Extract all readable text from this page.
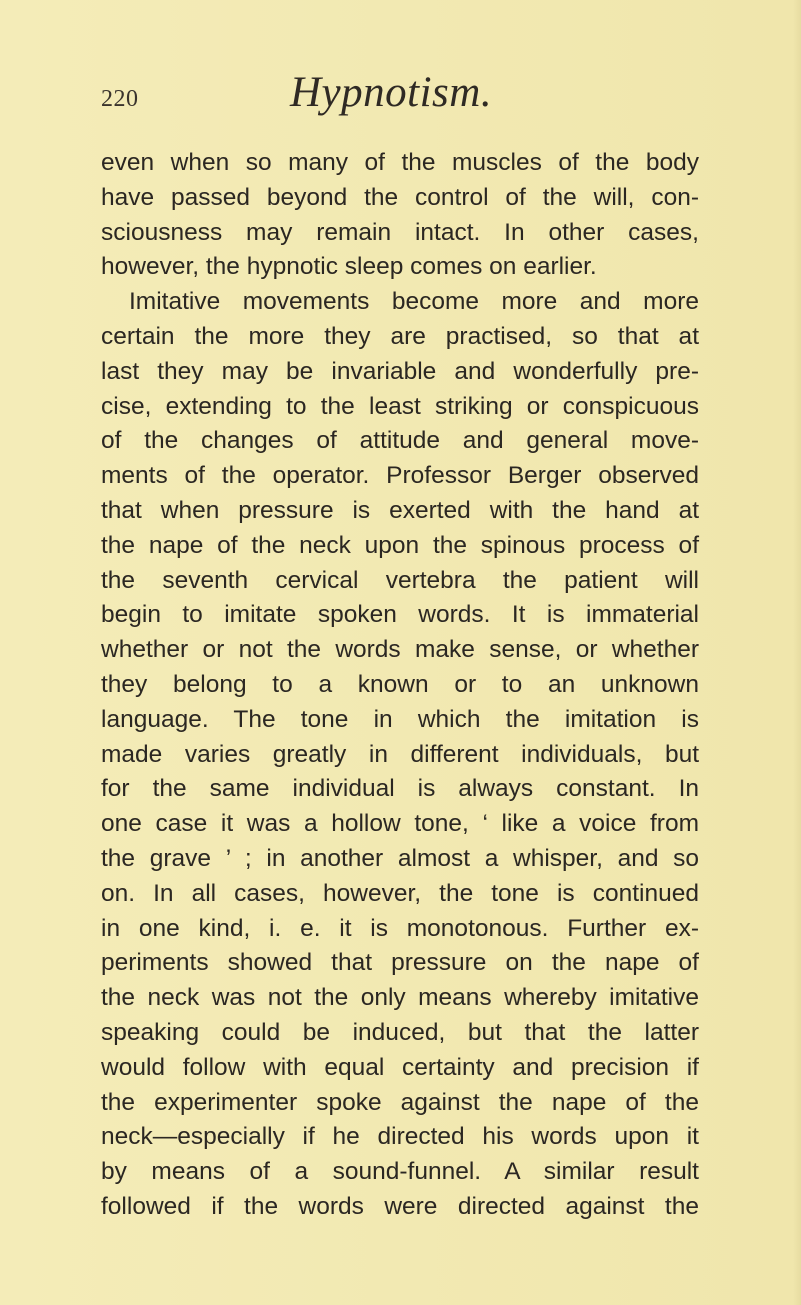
220	Hypnotism.
even when so many of the muscles of the body
have passed beyond the control of the will, con-
sciousness may remain intact. In other cases,
however, the hypnotic sleep comes on earlier.
Imitative movements become more and more
certain the more they are practised, so that at
last they may be invariable and wonderfully pre-
cise, extending to the least striking or conspicuous
of the changes of attitude and general move-
ments of the operator. Professor Berger observed
that when pressure is exerted with the hand at
the nape of the neck upon the spinous process of
the seventh cervical vertebra the patient will
begin to imitate spoken words. It is immaterial
whether or not the words make sense, or whether
they belong to a known or to an unknown
language. The tone in which the imitation is
made varies greatly in different individuals, but
for the same individual is always constant. In
one case it was a hollow tone, ‘ like a voice from
the grave ’ ; in another almost a whisper, and so
on. In all cases, however, the tone is continued
in one kind, i. e. it is monotonous. Further ex-
periments showed that pressure on the nape of
the neck was not the only means whereby imitative
speaking could be induced, but that the latter
would follow with equal certainty and precision if
the experimenter spoke against the nape of the
neck—especially if he directed his words upon it
by means of a sound-funnel. A similar result
followed if the words were directed against the
